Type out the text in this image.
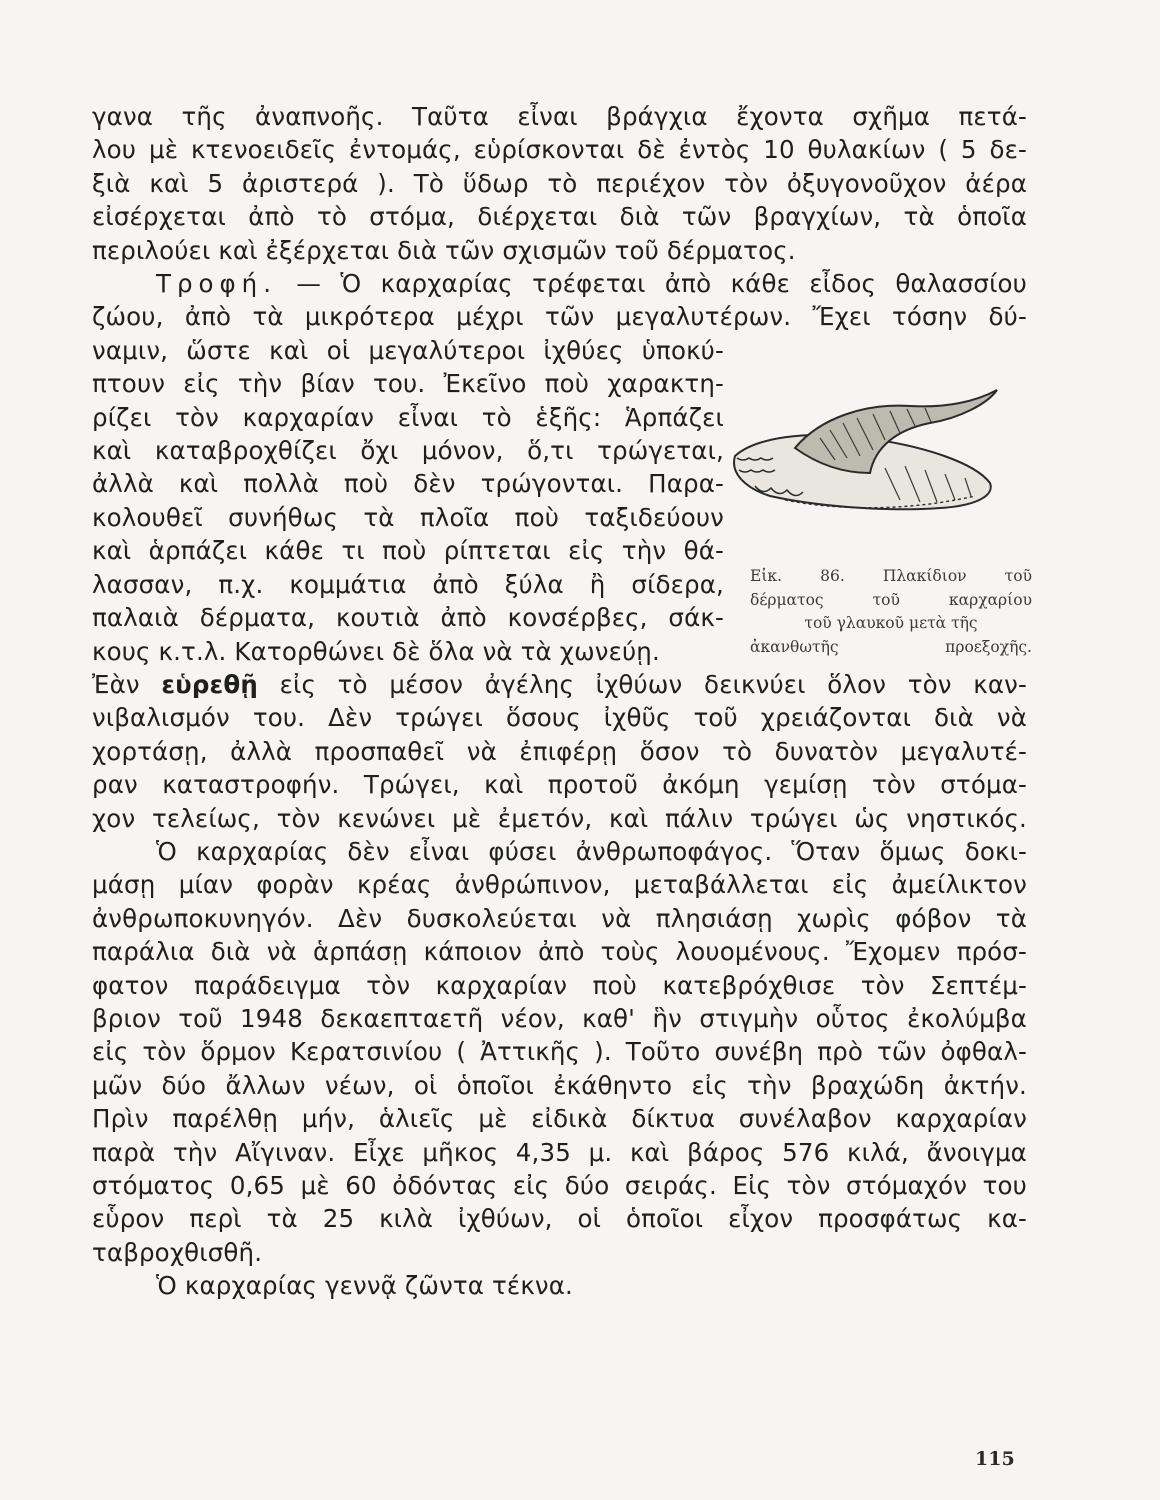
γανα τῆς ἀναπνοῆς. Ταῦτα εἶναι βράγχια ἔχοντα σχῆμα πετά-
λου μὲ κτενοειδεῖς ἐντομάς, εὑρίσκονται δὲ ἐντὸς 10 θυλακίων ( 5 δε-
ξιὰ καὶ 5 ἀριστερά ). Τὸ ὕδωρ τὸ περιέχον τὸν ὀξυγονοῦχον ἀέρα
εἰσέρχεται ἀπὸ τὸ στόμα, διέρχεται διὰ τῶν βραγχίων, τὰ ὁποῖα
περιλούει καὶ ἐξέρχεται διὰ τῶν σχισμῶν τοῦ δέρματος.
Τροφή. — Ὁ καρχαρίας τρέφεται ἀπὸ κάθε εἶδος θαλασσίου
ζώου, ἀπὸ τὰ μικρότερα μέχρι τῶν μεγαλυτέρων. Ἔχει τόσην δύ-
ναμιν, ὥστε καὶ οἱ μεγαλύτεροι ἰχθύες ὑποκύ-
πτουν εἰς τὴν βίαν του. Ἐκεῖνο ποὺ χαρακτη-
ρίζει τὸν καρχαρίαν εἶναι τὸ ἑξῆς: Ἁρπάζει
καὶ καταβροχθίζει ὄχι μόνον, ὅ,τι τρώγεται,
ἀλλὰ καὶ πολλὰ ποὺ δὲν τρώγονται. Παρα-
κολουθεῖ συνήθως τὰ πλοῖα ποὺ ταξιδεύουν
καὶ ἁρπάζει κάθε τι ποὺ ρίπτεται εἰς τὴν θά-
λασσαν, π.χ. κομμάτια ἀπὸ ξύλα ἢ σίδερα,
παλαιὰ δέρματα, κουτιὰ ἀπὸ κονσέρβες, σάκ-
κους κ.τ.λ. Κατορθώνει δὲ ὅλα νὰ τὰ χωνεύῃ.
Ἐὰν εὑρεθῇ εἰς τὸ μέσον ἀγέλης ἰχθύων δεικνύει ὅλον τὸν καν-
νιβαλισμόν του. Δὲν τρώγει ὅσους ἰχθῦς τοῦ χρειάζονται διὰ νὰ
χορτάσῃ, ἀλλὰ προσπαθεῖ νὰ ἐπιφέρῃ ὅσον τὸ δυνατὸν μεγαλυτέ-
ραν καταστροφήν. Τρώγει, καὶ προτοῦ ἀκόμη γεμίσῃ τὸν στόμα-
χον τελείως, τὸν κενώνει μὲ ἐμετόν, καὶ πάλιν τρώγει ὡς νηστικός.
Ὁ καρχαρίας δὲν εἶναι φύσει ἀνθρωποφάγος. Ὅταν ὅμως δοκι-
μάσῃ μίαν φορὰν κρέας ἀνθρώπινον, μεταβάλλεται εἰς ἀμείλικτον
ἀνθρωποκυνηγόν. Δὲν δυσκολεύεται νὰ πλησιάσῃ χωρὶς φόβον τὰ
παράλια διὰ νὰ ἁρπάσῃ κάποιον ἀπὸ τοὺς λουομένους. Ἔχομεν πρόσ-
φατον παράδειγμα τὸν καρχαρίαν ποὺ κατεβρόχθισε τὸν Σεπτέμ-
βριον τοῦ 1948 δεκαεπταετῆ νέον, καθ' ἣν στιγμὴν οὗτος ἐκολύμβα
εἰς τὸν ὅρμον Κερατσινίου ( Ἀττικῆς ). Τοῦτο συνέβη πρὸ τῶν ὀφθαλ-
μῶν δύο ἄλλων νέων, οἱ ὁποῖοι ἐκάθηντο εἰς τὴν βραχώδη ἀκτήν.
Πρὶν παρέλθῃ μήν, ἁλιεῖς μὲ εἰδικὰ δίκτυα συνέλαβον καρχαρίαν
παρὰ τὴν Αἴγιναν. Εἶχε μῆκος 4,35 μ. καὶ βάρος 576 κιλά, ἄνοιγμα
στόματος 0,65 μὲ 60 ὀδόντας εἰς δύο σειράς. Εἰς τὸν στόμαχόν του
εὗρον περὶ τὰ 25 κιλὰ ἰχθύων, οἱ ὁποῖοι εἶχον προσφάτως κα-
ταβροχθισθῆ.
Ὁ καρχαρίας γεννᾷ ζῶντα τέκνα.
Εἰκ. 86. Πλακίδιον τοῦ
δέρματος τοῦ καρχαρίου
τοῦ γλαυκοῦ μετὰ τῆς
ἀκανθωτῆς προεξοχῆς.
115
